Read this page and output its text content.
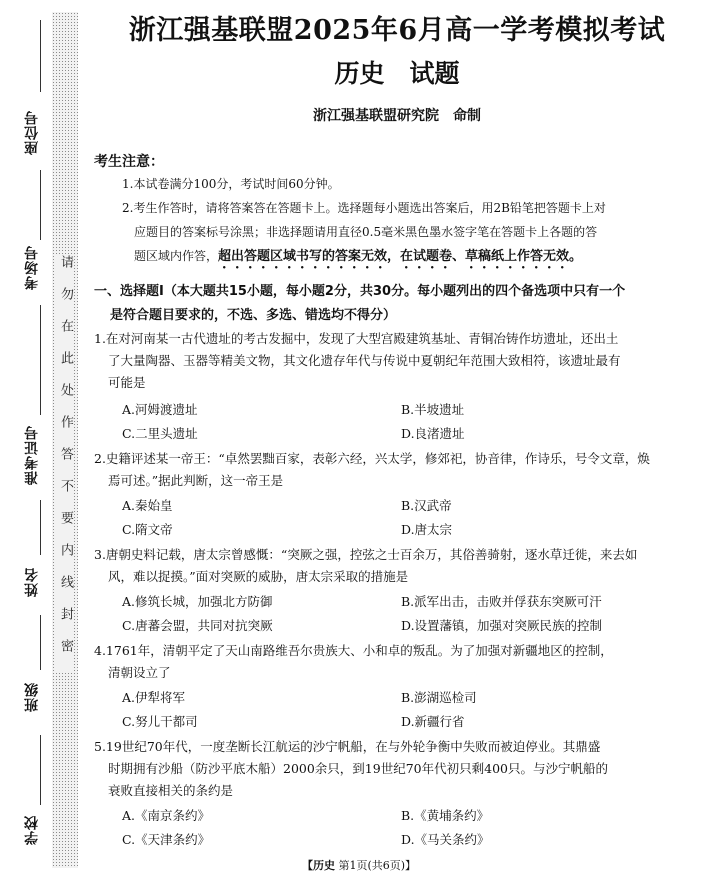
请勿在此处作答不要内线封密
座位号
考场号
准考证号
姓名
班级
学校
浙江强基联盟2025年6月高一学考模拟考试
历史　试题
浙江强基联盟研究院　命制
考生注意：
1.本试卷满分100分，考试时间60分钟。
2.考生作答时，请将答案答在答题卡上。选择题每小题选出答案后，用2B铅笔把答题卡上对
应题目的答案标号涂黑；非选择题请用直径0.5毫米黑色墨水签字笔在答题卡上各题的答
题区域内作答，超出答题区域书写的答案无效，在试题卷、草稿纸上作答无效。
一、选择题Ⅰ（本大题共15小题，每小题2分，共30分。每小题列出的四个备选项中只有一个
是符合题目要求的，不选、多选、错选均不得分）
1.在对河南某一古代遗址的考古发掘中，发现了大型宫殿建筑基址、青铜冶铸作坊遗址，还出土
了大量陶器、玉器等精美文物，其文化遗存年代与传说中夏朝纪年范围大致相符，该遗址最有
可能是
A.河姆渡遗址	B.半坡遗址
C.二里头遗址	D.良渚遗址
2.史籍评述某一帝王：“卓然罢黜百家，表彰六经，兴太学，修郊祀，协音律，作诗乐，号令文章，焕
焉可述。”据此判断，这一帝王是
A.秦始皇	B.汉武帝
C.隋文帝	D.唐太宗
3.唐朝史料记载，唐太宗曾感慨：“突厥之强，控弦之士百余万，其俗善骑射，逐水草迁徙，来去如
风，难以捉摸。”面对突厥的威胁，唐太宗采取的措施是
A.修筑长城，加强北方防御	B.派军出击，击败并俘获东突厥可汗
C.唐蕃会盟，共同对抗突厥	D.设置藩镇，加强对突厥民族的控制
4.1761年，清朝平定了天山南路维吾尔贵族大、小和卓的叛乱。为了加强对新疆地区的控制，
清朝设立了
A.伊犁将军	B.澎湖巡检司
C.努儿干都司	D.新疆行省
5.19世纪70年代，一度垄断长江航运的沙宁帆船，在与外轮争衡中失败而被迫停业。其鼎盛
时期拥有沙船（防沙平底木船）2000余只，到19世纪70年代初只剩400只。与沙宁帆船的
衰败直接相关的条约是
A.《南京条约》	B.《黄埔条约》
C.《天津条约》	D.《马关条约》
【历史 第1页(共6页)】
